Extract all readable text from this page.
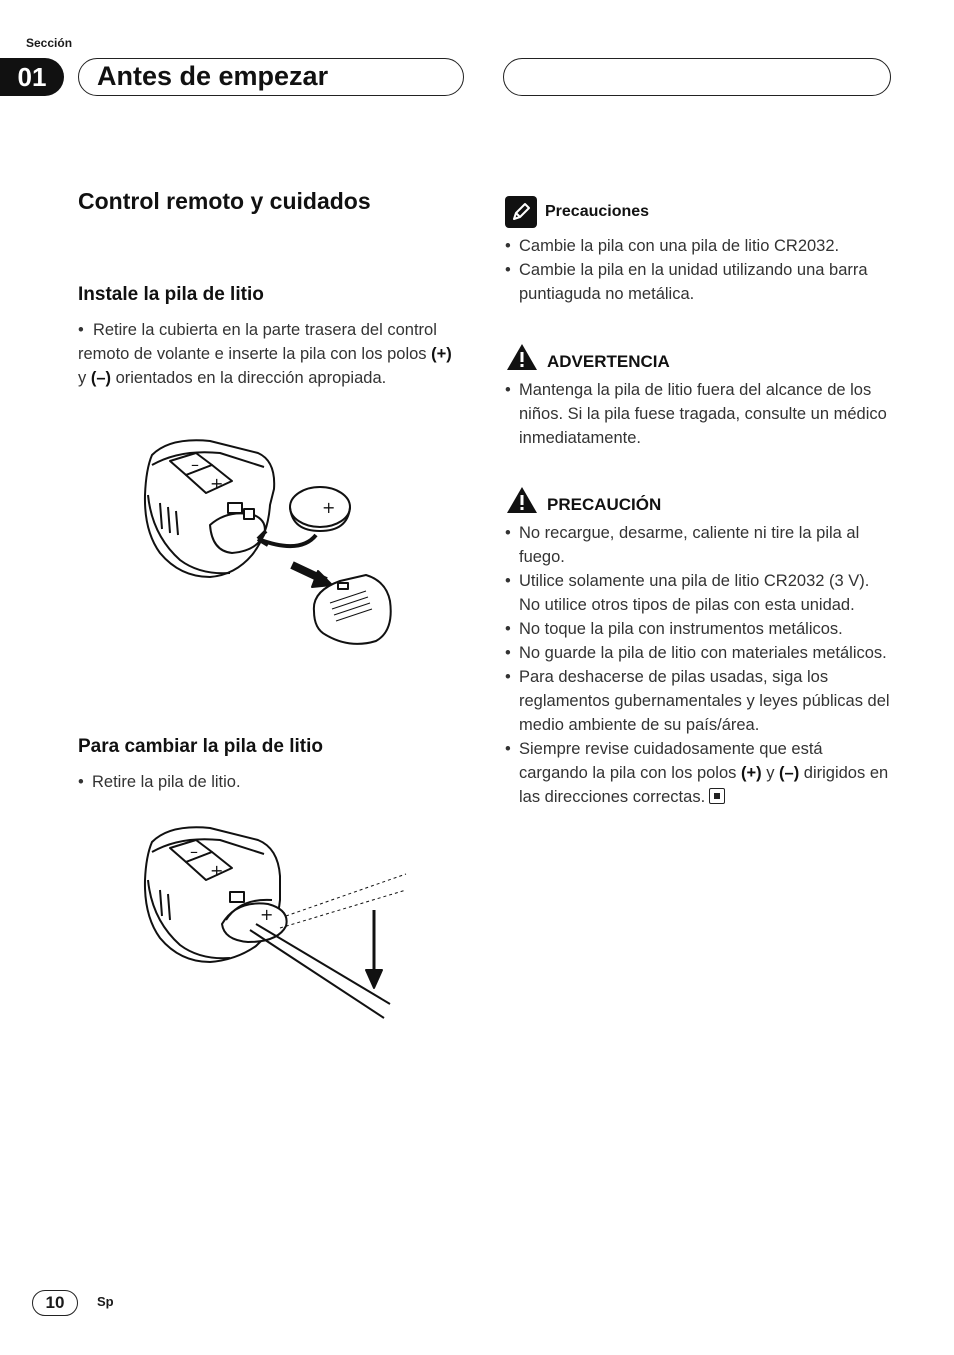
Sección
01	Antes de empezar
Control remoto y cuidados
Instale la pila de litio
•  Retire la cubierta en la parte trasera del control remoto de volante e inserte la pila con los polos (+) y (–) orientados en la dirección apropiada.
–
+
+
Para cambiar la pila de litio
• Retire la pila de litio.
–
+
+
Precauciones
• Cambie la pila con una pila de litio CR2032.
• Cambie la pila en la unidad utilizando una barra puntiaguda no metálica.
ADVERTENCIA
• Mantenga la pila de litio fuera del alcance de los niños. Si la pila fuese tragada, consulte un médico inmediatamente.
PRECAUCIÓN
• No recargue, desarme, caliente ni tire la pila al fuego.
• Utilice solamente una pila de litio CR2032 (3 V). No utilice otros tipos de pilas con esta unidad.
• No toque la pila con instrumentos metálicos.
• No guarde la pila de litio con materiales metálicos.
• Para deshacerse de pilas usadas, siga los reglamentos gubernamentales y leyes públicas del medio ambiente de su país/área.
• Siempre revise cuidadosamente que está cargando la pila con los polos (+) y (–) dirigidos en las direcciones correctas.
10	Sp
